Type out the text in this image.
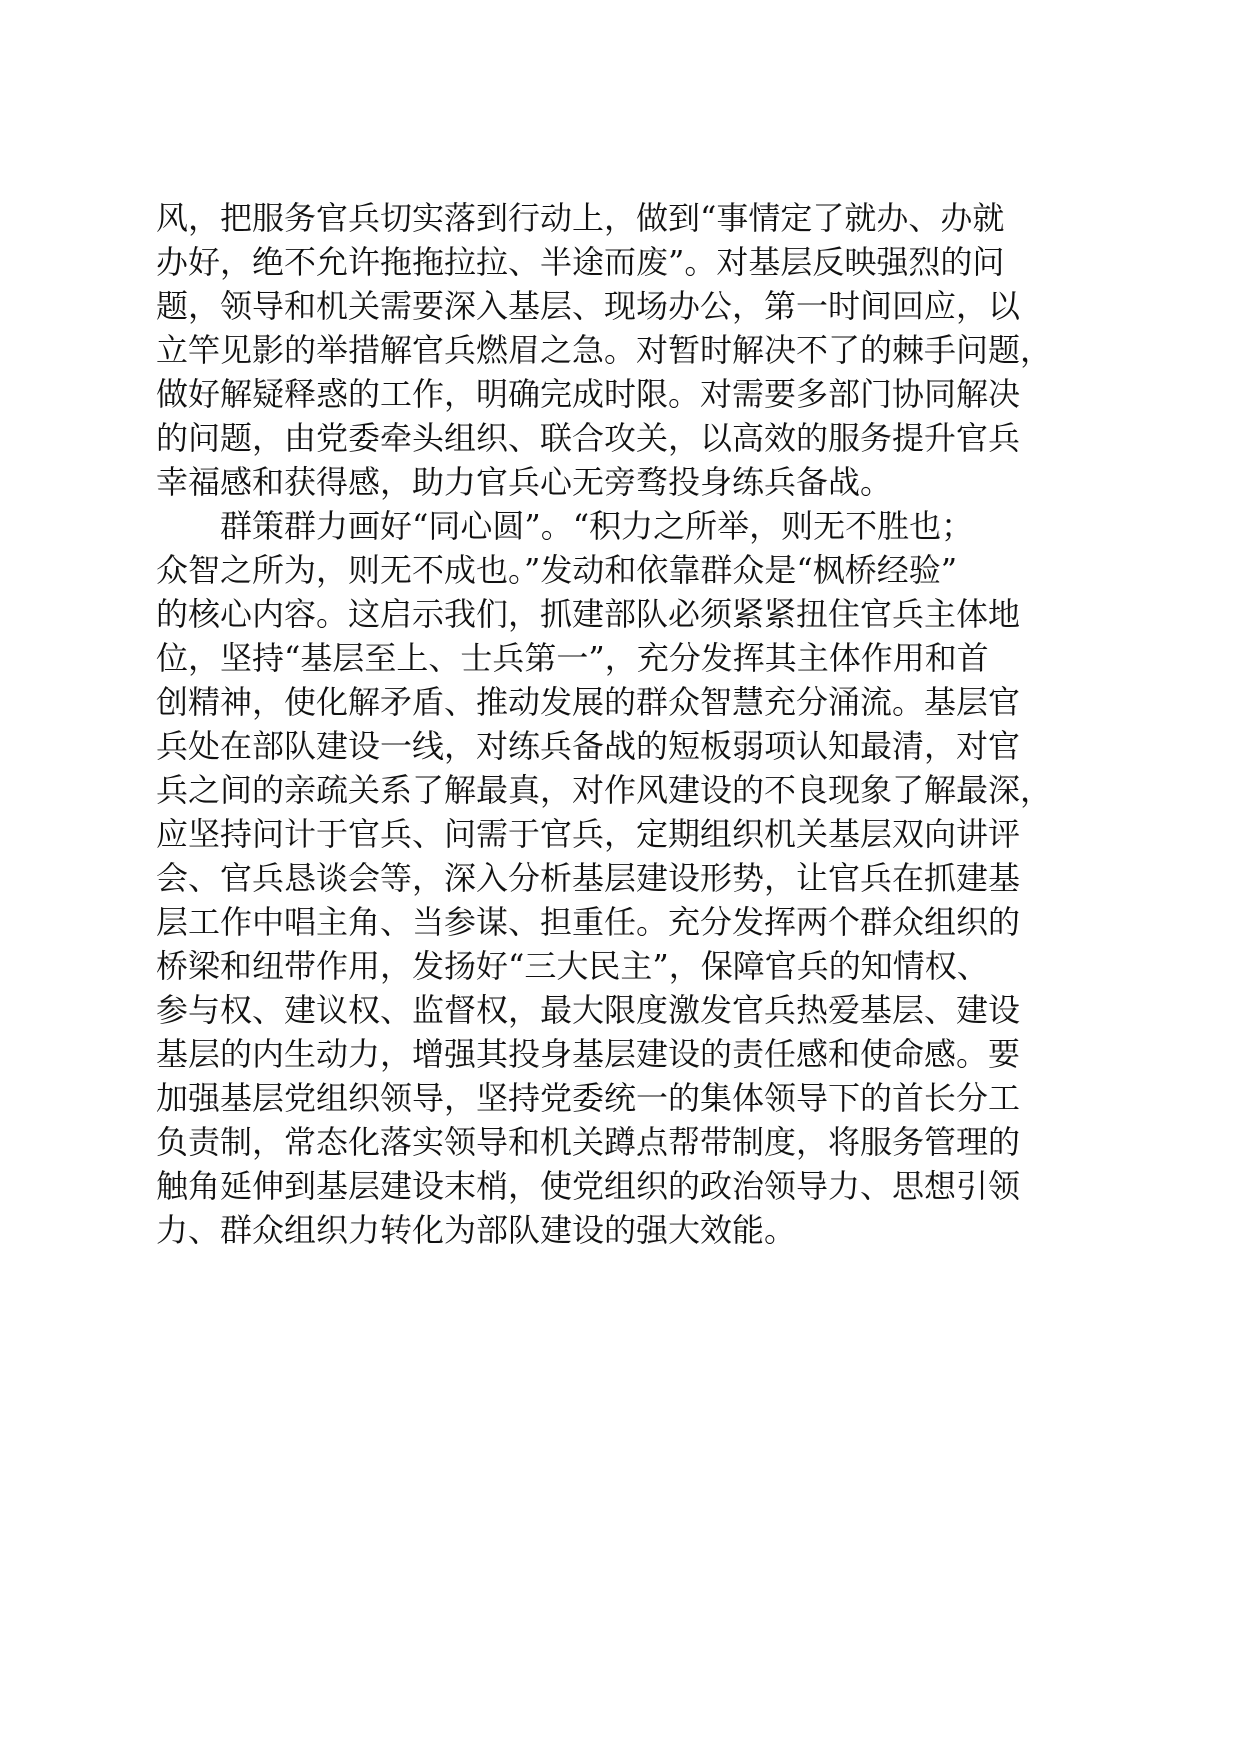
风，把服务官兵切实落到行动上，做到“事情定了就办、办就
办好，绝不允许拖拖拉拉、半途而废”。对基层反映强烈的问
题，领导和机关需要深入基层、现场办公，第一时间回应，以
立竿见影的举措解官兵燃眉之急。对暂时解决不了的棘手问题，
做好解疑释惑的工作，明确完成时限。对需要多部门协同解决
的问题，由党委牵头组织、联合攻关，以高效的服务提升官兵
幸福感和获得感，助力官兵心无旁骛投身练兵备战。
群策群力画好“同心圆”。“积力之所举，则无不胜也；
众智之所为，则无不成也。”发动和依靠群众是“枫桥经验”
的核心内容。这启示我们，抓建部队必须紧紧扭住官兵主体地
位，坚持“基层至上、士兵第一”，充分发挥其主体作用和首
创精神，使化解矛盾、推动发展的群众智慧充分涌流。基层官
兵处在部队建设一线，对练兵备战的短板弱项认知最清，对官
兵之间的亲疏关系了解最真，对作风建设的不良现象了解最深，
应坚持问计于官兵、问需于官兵，定期组织机关基层双向讲评
会、官兵恳谈会等，深入分析基层建设形势，让官兵在抓建基
层工作中唱主角、当参谋、担重任。充分发挥两个群众组织的
桥梁和纽带作用，发扬好“三大民主”，保障官兵的知情权、
参与权、建议权、监督权，最大限度激发官兵热爱基层、建设
基层的内生动力，增强其投身基层建设的责任感和使命感。要
加强基层党组织领导，坚持党委统一的集体领导下的首长分工
负责制，常态化落实领导和机关蹲点帮带制度，将服务管理的
触角延伸到基层建设末梢，使党组织的政治领导力、思想引领
力、群众组织力转化为部队建设的强大效能。
